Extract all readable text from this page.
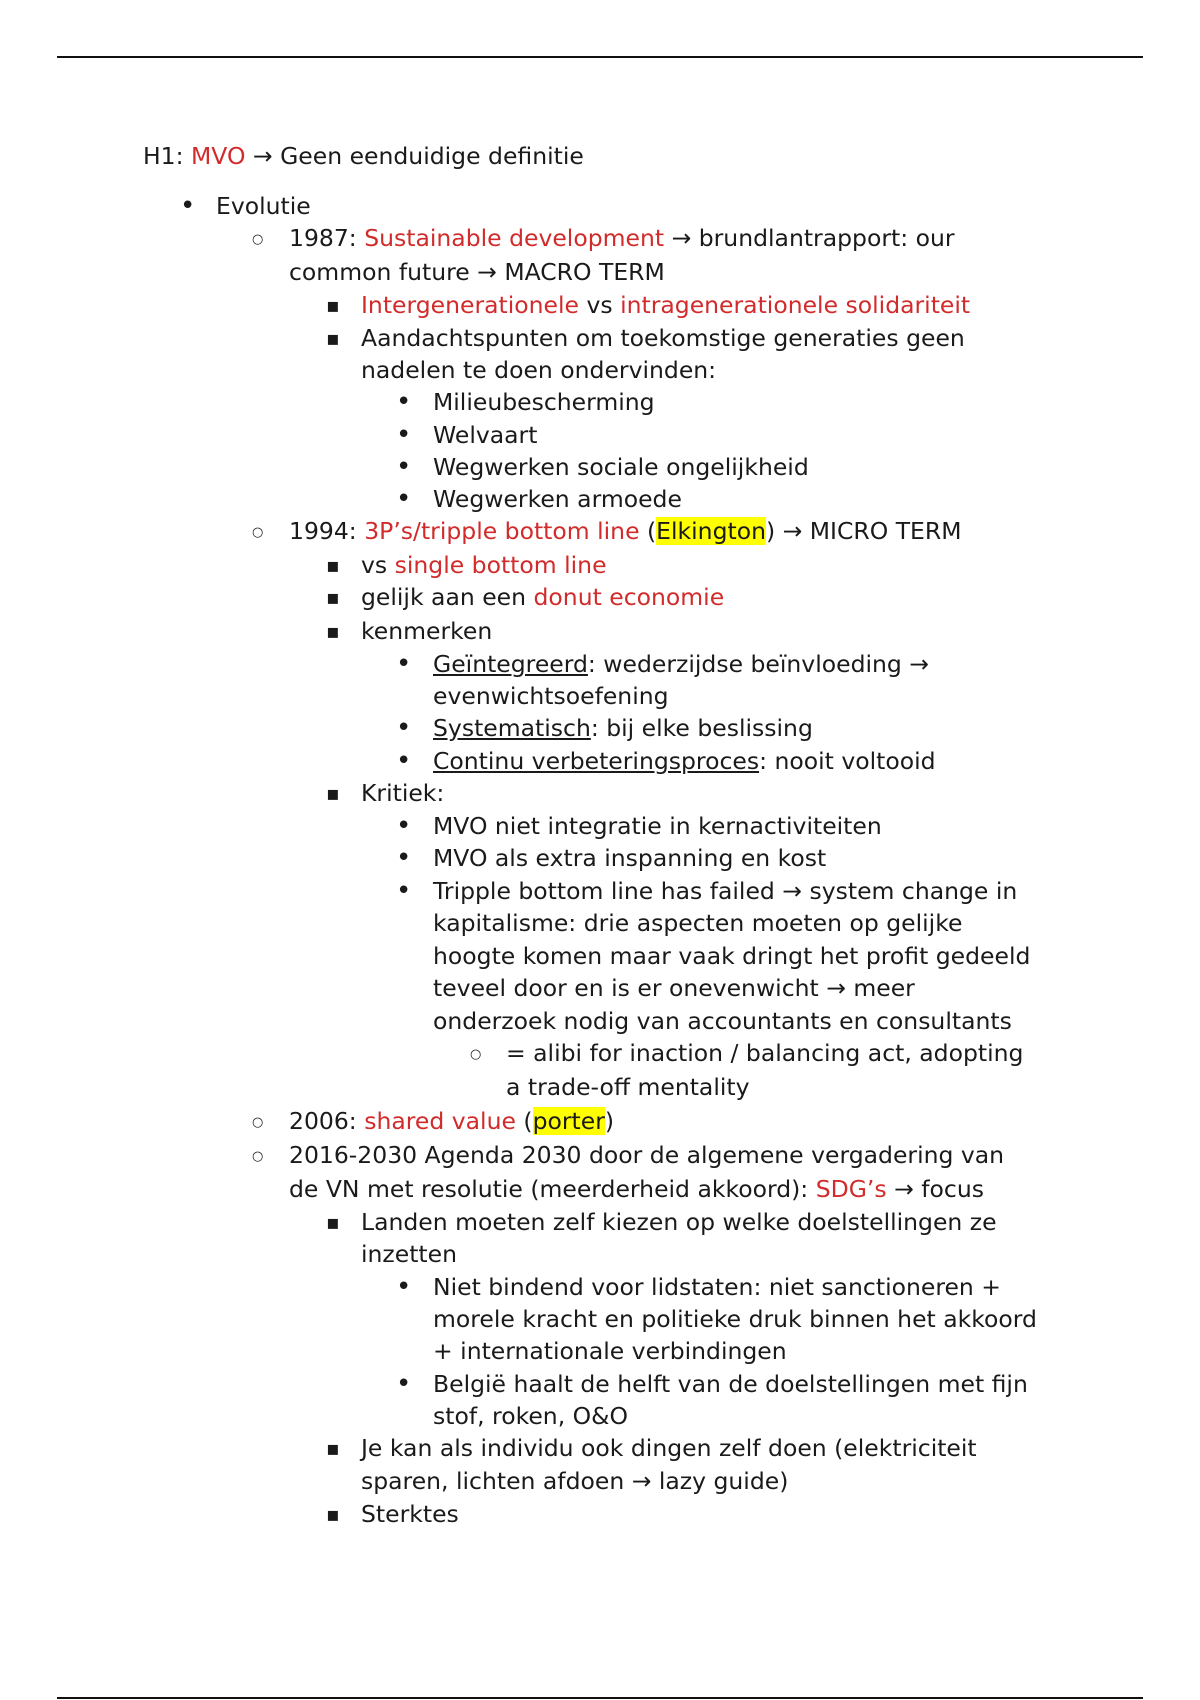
H1: MVO → Geen eenduidige definitie
•
Evolutie
○
1987: Sustainable development → brundlantrapport: our
common future → MACRO TERM
▪
Intergenerationele vs intragenerationele solidariteit
▪
Aandachtspunten om toekomstige generaties geen
nadelen te doen ondervinden:
•
Milieubescherming
•
Welvaart
•
Wegwerken sociale ongelijkheid
•
Wegwerken armoede
○
1994: 3P’s/tripple bottom line (Elkington) → MICRO TERM
▪
vs single bottom line
▪
gelijk aan een donut economie
▪
kenmerken
•
Geïntegreerd: wederzijdse beïnvloeding →
evenwichtsoefening
•
Systematisch: bij elke beslissing
•
Continu verbeteringsproces: nooit voltooid
▪
Kritiek:
•
MVO niet integratie in kernactiviteiten
•
MVO als extra inspanning en kost
•
Tripple bottom line has failed → system change in
kapitalisme: drie aspecten moeten op gelijke
hoogte komen maar vaak dringt het profit gedeeld
teveel door en is er onevenwicht → meer
onderzoek nodig van accountants en consultants
○
= alibi for inaction / balancing act, adopting
a trade-off mentality
○
2006: shared value (porter)
○
2016-2030 Agenda 2030 door de algemene vergadering van
de VN met resolutie (meerderheid akkoord): SDG’s → focus
▪
Landen moeten zelf kiezen op welke doelstellingen ze
inzetten
•
Niet bindend voor lidstaten: niet sanctioneren +
morele kracht en politieke druk binnen het akkoord
+ internationale verbindingen
•
België haalt de helft van de doelstellingen met fijn
stof, roken, O&O
▪
Je kan als individu ook dingen zelf doen (elektriciteit
sparen, lichten afdoen → lazy guide)
▪
Sterktes
